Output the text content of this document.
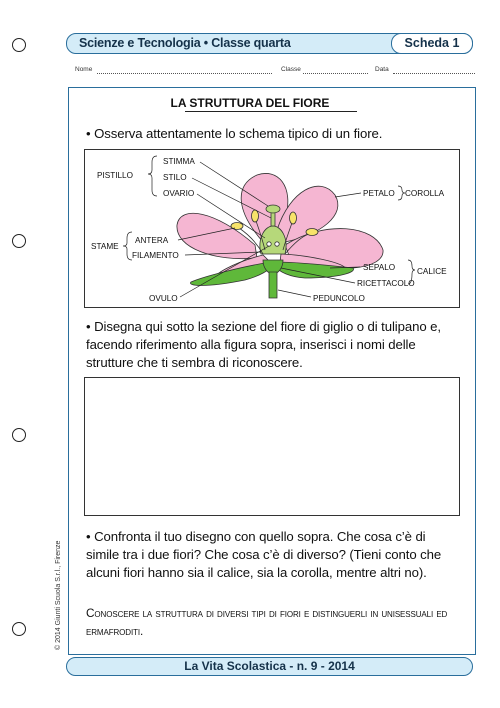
Scienze e Tecnologia • Classe quarta	Scheda 1
Nome	Classe	Data
© 2014 Giunti Scuola S.r.l., Firenze
LA STRUTTURA DEL FIORE
• Osserva attentamente lo schema tipico di un fiore.
PISTILLO
STIMMA
STILO
OVARIO
STAME
ANTERA
FILAMENTO
OVULO
PETALO COROLLA
SEPALO
RICETTACOLO
CALICE
PEDUNCOLO
• Disegna qui sotto la sezione del fiore di giglio o di tulipano e, facendo riferimento alla figura sopra, inserisci i nomi delle strutture che ti sembra di riconoscere.
• Confronta il tuo disegno con quello sopra. Che cosa c’è di simile tra i due fiori? Che cosa c’è di diverso? (Tieni conto che alcuni fiori hanno sia il calice, sia la corolla, mentre altri no).
Conoscere la struttura di diversi tipi di fiori e distinguerli in unisessuali ed ermafroditi.
La Vita Scolastica - n. 9 - 2014
